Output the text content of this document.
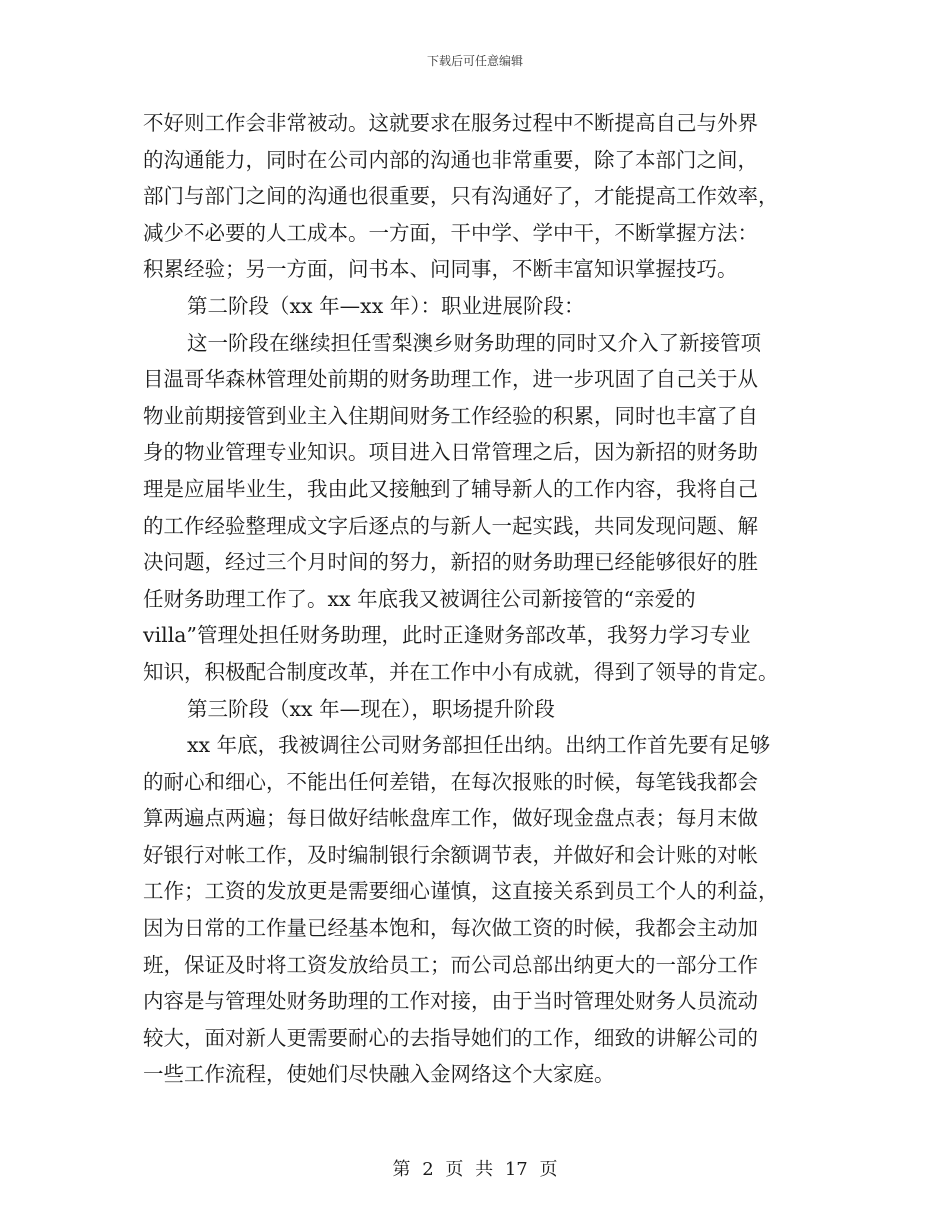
下载后可任意编辑
不好则工作会非常被动。这就要求在服务过程中不断提高自己与外界
的沟通能力，同时在公司内部的沟通也非常重要，除了本部门之间，
部门与部门之间的沟通也很重要，只有沟通好了，才能提高工作效率，
减少不必要的人工成本。一方面，干中学、学中干，不断掌握方法：
积累经验；另一方面，问书本、问同事，不断丰富知识掌握技巧。
第二阶段（xx 年—xx 年）：职业进展阶段：
这一阶段在继续担任雪梨澳乡财务助理的同时又介入了新接管项
目温哥华森林管理处前期的财务助理工作，进一步巩固了自己关于从
物业前期接管到业主入住期间财务工作经验的积累，同时也丰富了自
身的物业管理专业知识。项目进入日常管理之后，因为新招的财务助
理是应届毕业生，我由此又接触到了辅导新人的工作内容，我将自己
的工作经验整理成文字后逐点的与新人一起实践，共同发现问题、解
决问题，经过三个月时间的努力，新招的财务助理已经能够很好的胜
任财务助理工作了。xx 年底我又被调往公司新接管的“亲爱的
villa”管理处担任财务助理，此时正逢财务部改革，我努力学习专业
知识，积极配合制度改革，并在工作中小有成就，得到了领导的肯定。
第三阶段（xx 年—现在），职场提升阶段
xx 年底，我被调往公司财务部担任出纳。出纳工作首先要有足够
的耐心和细心，不能出任何差错，在每次报账的时候，每笔钱我都会
算两遍点两遍；每日做好结帐盘库工作，做好现金盘点表；每月末做
好银行对帐工作，及时编制银行余额调节表，并做好和会计账的对帐
工作；工资的发放更是需要细心谨慎，这直接关系到员工个人的利益，
因为日常的工作量已经基本饱和，每次做工资的时候，我都会主动加
班，保证及时将工资发放给员工；而公司总部出纳更大的一部分工作
内容是与管理处财务助理的工作对接，由于当时管理处财务人员流动
较大，面对新人更需要耐心的去指导她们的工作，细致的讲解公司的
一些工作流程，使她们尽快融入金网络这个大家庭。
第 2 页 共 17 页
